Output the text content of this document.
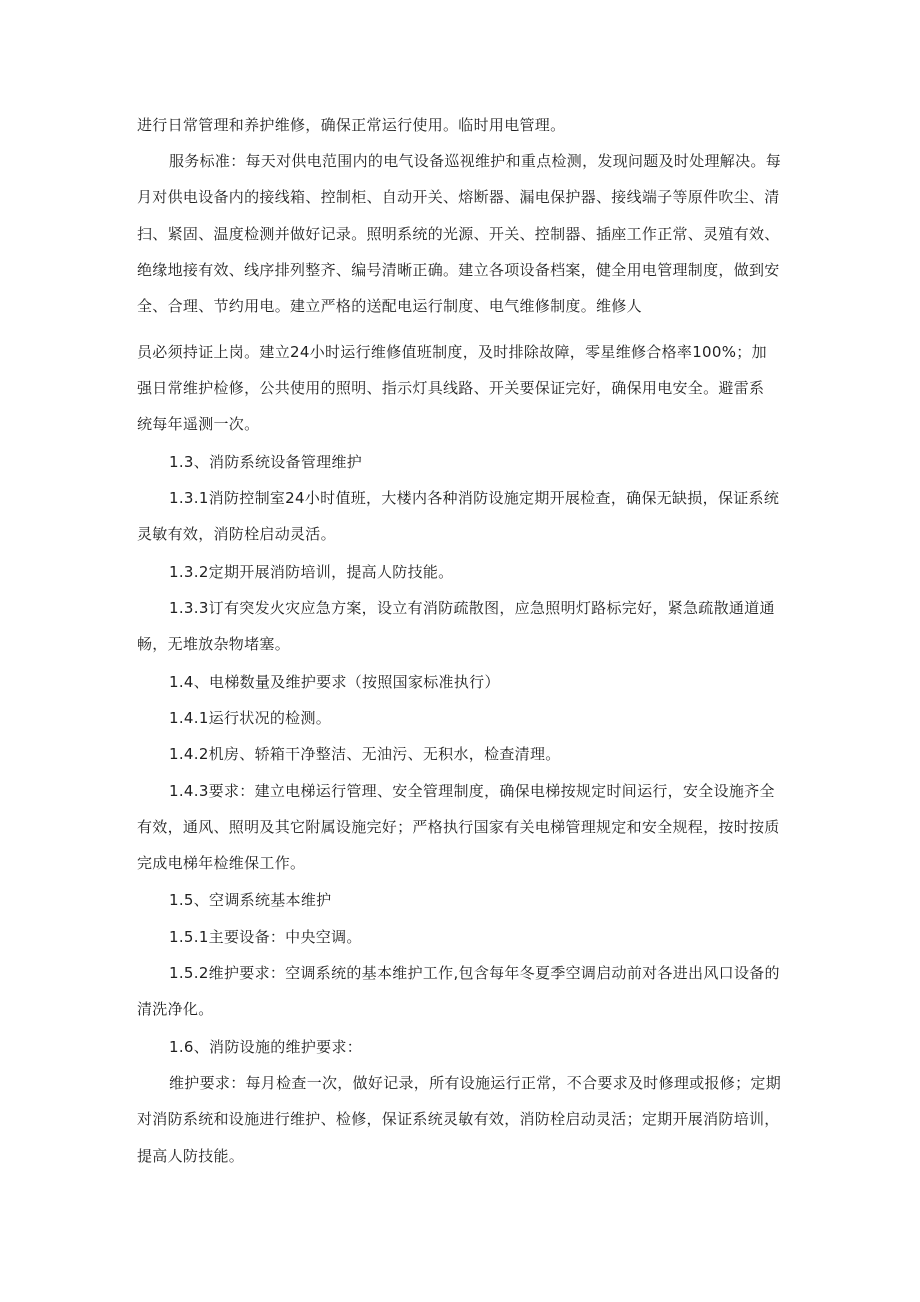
进行日常管理和养护维修，确保正常运行使用。临时用电管理。
服务标准：每天对供电范围内的电气设备巡视维护和重点检测，发现问题及时处理解决。每
月对供电设备内的接线箱、控制柜、自动开关、熔断器、漏电保护器、接线端子等原件吹尘、清
扫、紧固、温度检测并做好记录。照明系统的光源、开关、控制器、插座工作正常、灵殖有效、
绝缘地接有效、线序排列整齐、编号清晰正确。建立各项设备档案，健全用电管理制度，做到安
全、合理、节约用电。建立严格的送配电运行制度、电气维修制度。维修人
员必须持证上岗。建立24小时运行维修值班制度，及时排除故障，零星维修合格率100%；加
强日常维护检修，公共使用的照明、指示灯具线路、开关要保证完好，确保用电安全。避雷系
统每年遥测一次。
1.3、消防系统设备管理维护
1.3.1消防控制室24小时值班，大楼内各种消防设施定期开展检查，确保无缺损，保证系统
灵敏有效，消防栓启动灵活。
1.3.2定期开展消防培训，提高人防技能。
1.3.3订有突发火灾应急方案，设立有消防疏散图，应急照明灯路标完好，紧急疏散通道通
畅，无堆放杂物堵塞。
1.4、电梯数量及维护要求（按照国家标准执行）
1.4.1运行状况的检测。
1.4.2机房、轿箱干净整洁、无油污、无积水，检查清理。
1.4.3要求：建立电梯运行管理、安全管理制度，确保电梯按规定时间运行，安全设施齐全
有效，通风、照明及其它附属设施完好；严格执行国家有关电梯管理规定和安全规程，按时按质
完成电梯年检维保工作。
1.5、空调系统基本维护
1.5.1主要设备：中央空调。
1.5.2维护要求：空调系统的基本维护工作,包含每年冬夏季空调启动前对各进出风口设备的
清洗净化。
1.6、消防设施的维护要求：
维护要求：每月检查一次，做好记录，所有设施运行正常，不合要求及时修理或报修；定期
对消防系统和设施进行维护、检修，保证系统灵敏有效，消防栓启动灵活；定期开展消防培训，
提高人防技能。
